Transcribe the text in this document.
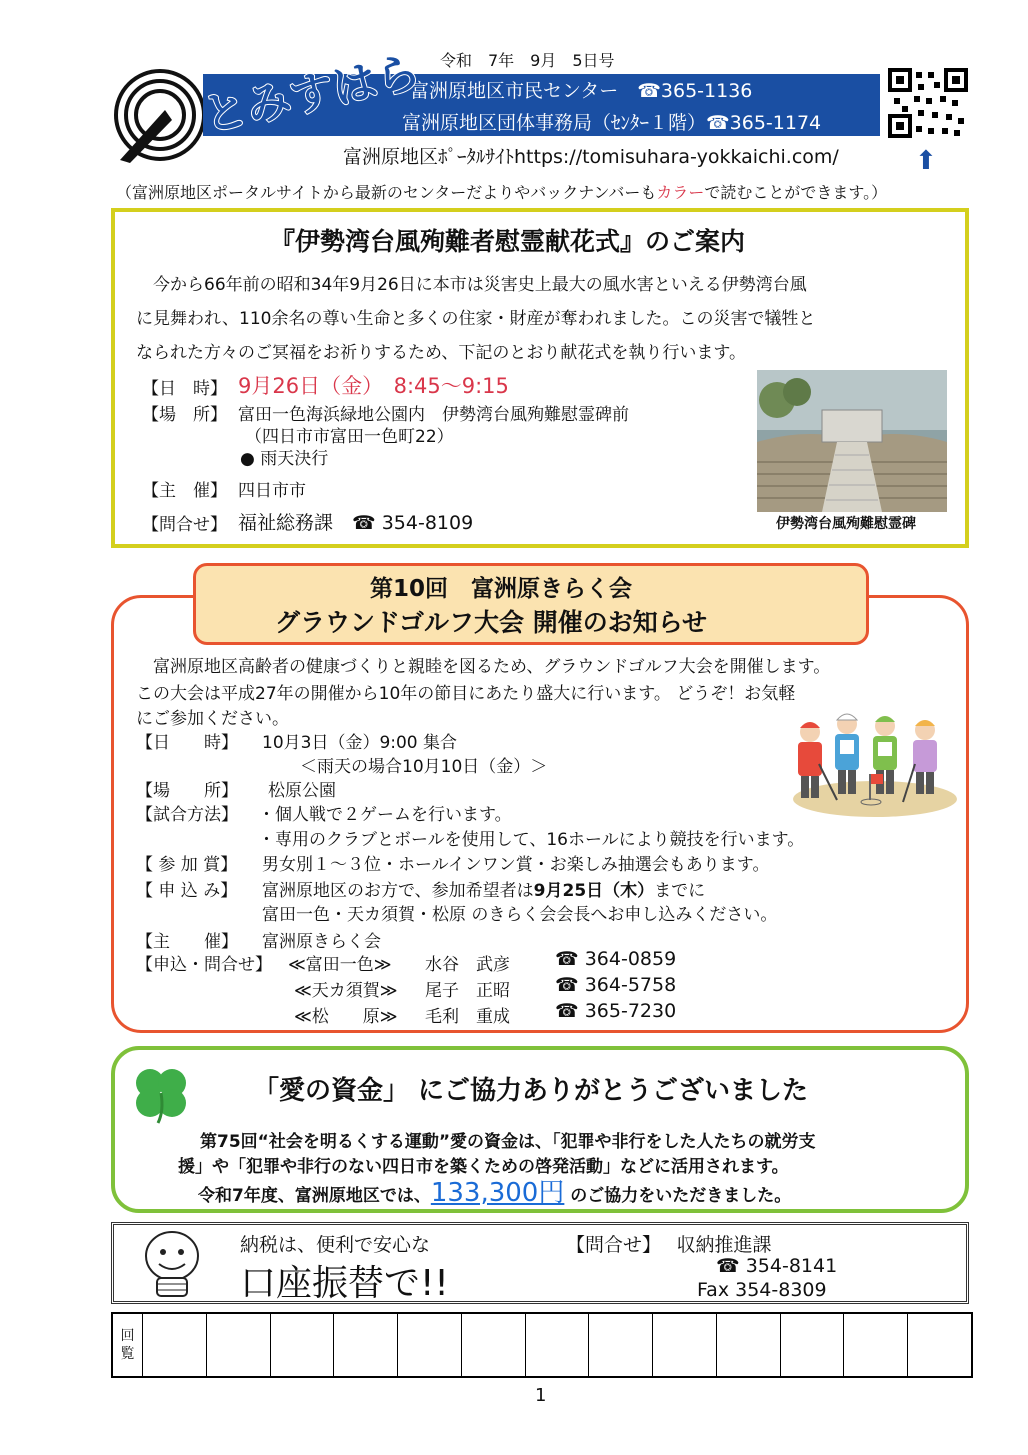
令和　7年　9月　5日号
富洲原地区市民センター　☎365-1136
富洲原地区団体事務局（ｾﾝﾀｰ１階）☎365-1174
とみすはら
富洲原地区ﾎﾟｰﾀﾙｻｲﾄhttps://tomisuhara-yokkaichi.com/	⬆
（富洲原地区ポータルサイトから最新のセンターだよりやバックナンバーもカラーで読むことができます。）
『伊勢湾台風殉難者慰霊献花式』のご案内
　今から66年前の昭和34年9月26日に本市は災害史上最大の風水害といえる伊勢湾台風
に見舞われ、110余名の尊い生命と多くの住家・財産が奪われました。この災害で犠牲と
なられた方々のご冥福をお祈りするため、下記のとおり献花式を執り行います。
【日　時】 9月26日（金）　8:45～9:15
【場　所】 富田一色海浜緑地公園内　伊勢湾台風殉難慰霊碑前
（四日市市富田一色町22）
● 雨天決行
【主　催】 四日市市
【問合せ】 福祉総務課　☎ 354-8109	伊勢湾台風殉難慰霊碑
第10回　富洲原きらく会
グラウンドゴルフ大会 開催のお知らせ
　富洲原地区高齢者の健康づくりと親睦を図るため、グラウンドゴルフ大会を開催します。
この大会は平成27年の開催から10年の節目にあたり盛大に行います。 どうぞ！お気軽
にご参加ください。
【日　　時】 10月3日（金）9:00 集合
＜雨天の場合10月10日（金）＞
【場　　所】 松原公園
【試合方法】 ・個人戦で２ゲームを行います。
・専用のクラブとボールを使用して、16ホールにより競技を行います。
【 参 加 賞】 男女別１～３位・ホールインワン賞・お楽しみ抽選会もあります。
【 申 込 み】 富洲原地区のお方で、参加希望者は9月25日（木）までに
富田一色・天カ須賀・松原 のきらく会会長へお申し込みください。
【主　　催】 富洲原きらく会
【申込・問合せ】 ≪富田一色≫ 水谷　武彦 ☎ 364-0859
≪天カ須賀≫ 尾子　正昭 ☎ 364-5758
≪松　　原≫ 毛利　重成 ☎ 365-7230
「愛の資金」 にご協力ありがとうございました
第75回“社会を明るくする運動”愛の資金は、「犯罪や非行をした人たちの就労支
援」や「犯罪や非行のない四日市を築くための啓発活動」などに活用されます。
令和7年度、富洲原地区では、133,300円 のご協力をいただきました。
納税は、便利で安心な
口座振替で!!
【問合せ】　 収納推進課
☎ 354-8141
Fax 354-8309
回
覧
1
